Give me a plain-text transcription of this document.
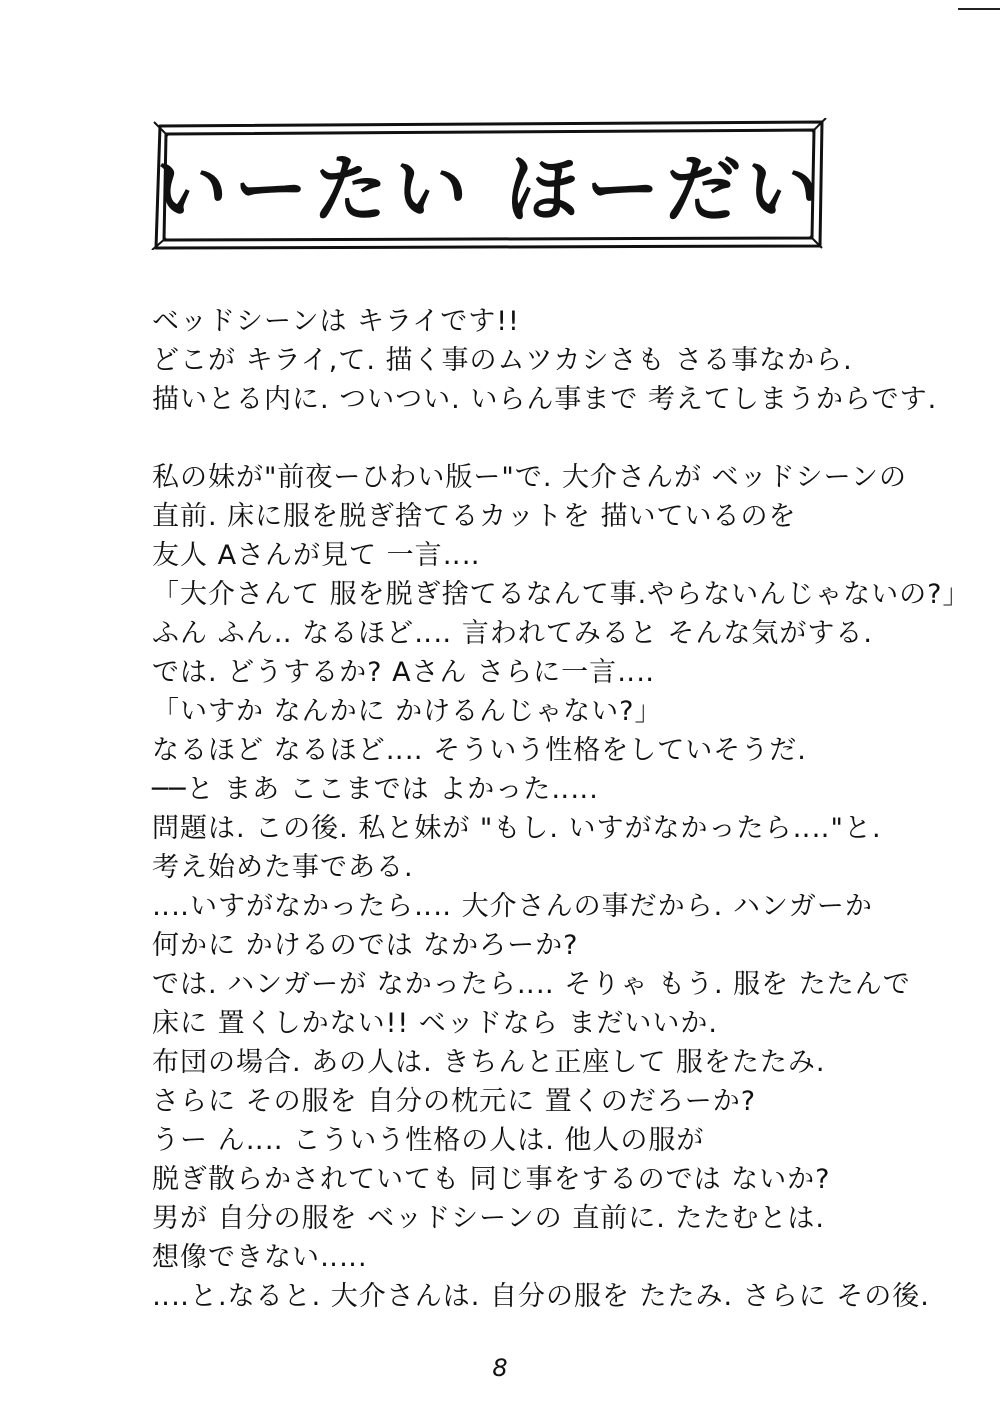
いーたい ほーだい
ベッドシーンは キライです!!
どこが キライ,て. 描く事のムツカシさも さる事なから.
描いとる内に. ついつい. いらん事まで 考えてしまうからです.
私の妹が"前夜ーひわい版ー"で. 大介さんが ベッドシーンの
直前. 床に服を脱ぎ捨てるカットを 描いているのを
友人 Aさんが見て 一言‥‥
「大介さんて 服を脱ぎ捨てるなんて事.やらないんじゃないの?」
ふん ふん‥ なるほど‥‥ 言われてみると そんな気がする.
では. どうするか? Aさん さらに一言‥‥
「いすか なんかに かけるんじゃない?」
なるほど なるほど‥‥ そういう性格をしていそうだ.
──と まあ ここまでは よかった‥‥.
問題は. この後. 私と妹が "もし. いすがなかったら‥‥"と.
考え始めた事である.
‥‥いすがなかったら‥‥ 大介さんの事だから. ハンガーか
何かに かけるのでは なかろーか?
では. ハンガーが なかったら‥‥ そりゃ もう. 服を たたんで
床に 置くしかない!! ベッドなら まだいいか.
布団の場合. あの人は. きちんと正座して 服をたたみ.
さらに その服を 自分の枕元に 置くのだろーか?
うー ん‥‥ こういう性格の人は. 他人の服が
脱ぎ散らかされていても 同じ事をするのでは ないか?
男が 自分の服を ベッドシーンの 直前に. たたむとは.
想像できない‥‥.
‥‥と.なると. 大介さんは. 自分の服を たたみ. さらに その後.
8
